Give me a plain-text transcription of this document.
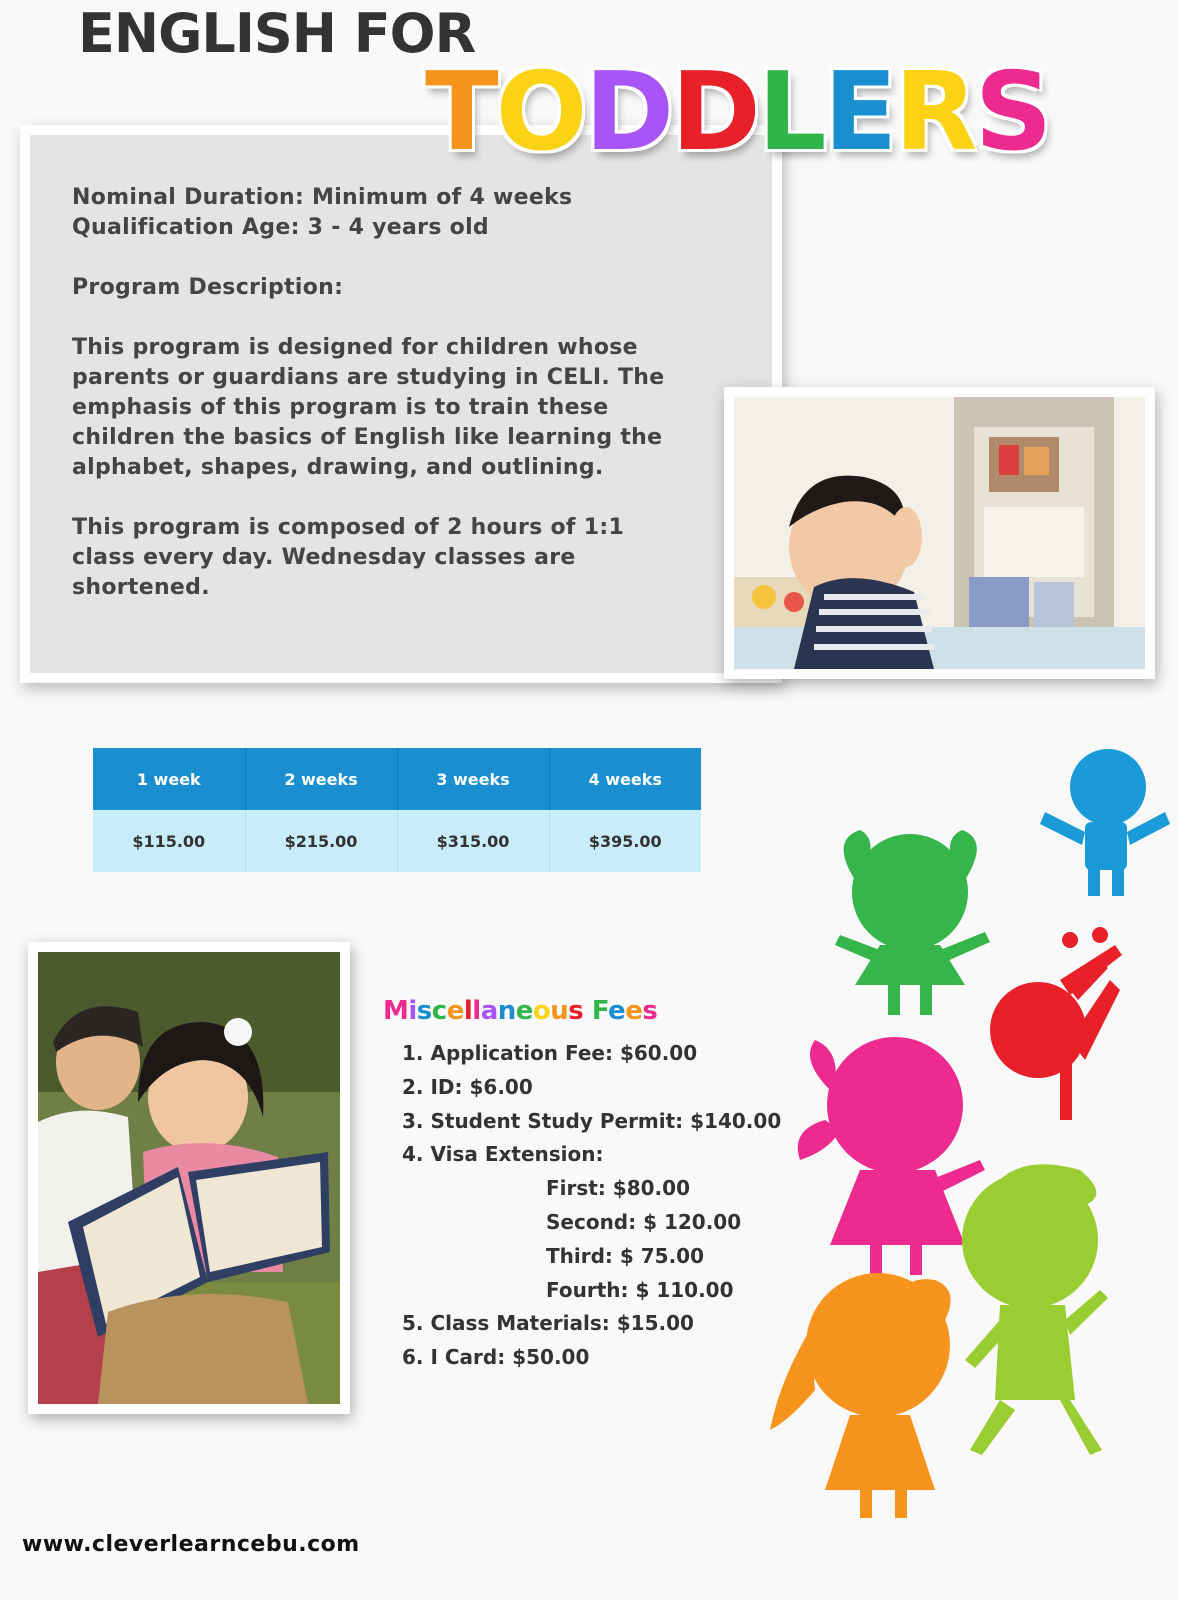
ENGLISH FOR
TODDLERS

Nominal Duration: Minimum of 4 weeks

Qualification Age: 3 - 4 years old

Program Description:

This program is designed for children whose parents or guardians are studying in CELI. The emphasis of this program is to train these children the basics of English like learning the alphabet, shapes, drawing, and outlining.

This program is composed of 2 hours of 1:1 class every day. Wednesday classes are shortened.

1 week	2 weeks	3 weeks	4 weeks
$115.00	$215.00	$315.00	$395.00
Miscellaneous Fees
1. Application Fee: $60.00
2. ID: $6.00
3. Student Study Permit: $140.00
4. Visa Extension:
First: $80.00
Second: $ 120.00
Third: $ 75.00
Fourth: $ 110.00
5. Class Materials: $15.00
6. I Card: $50.00
www.cleverlearncebu.com
